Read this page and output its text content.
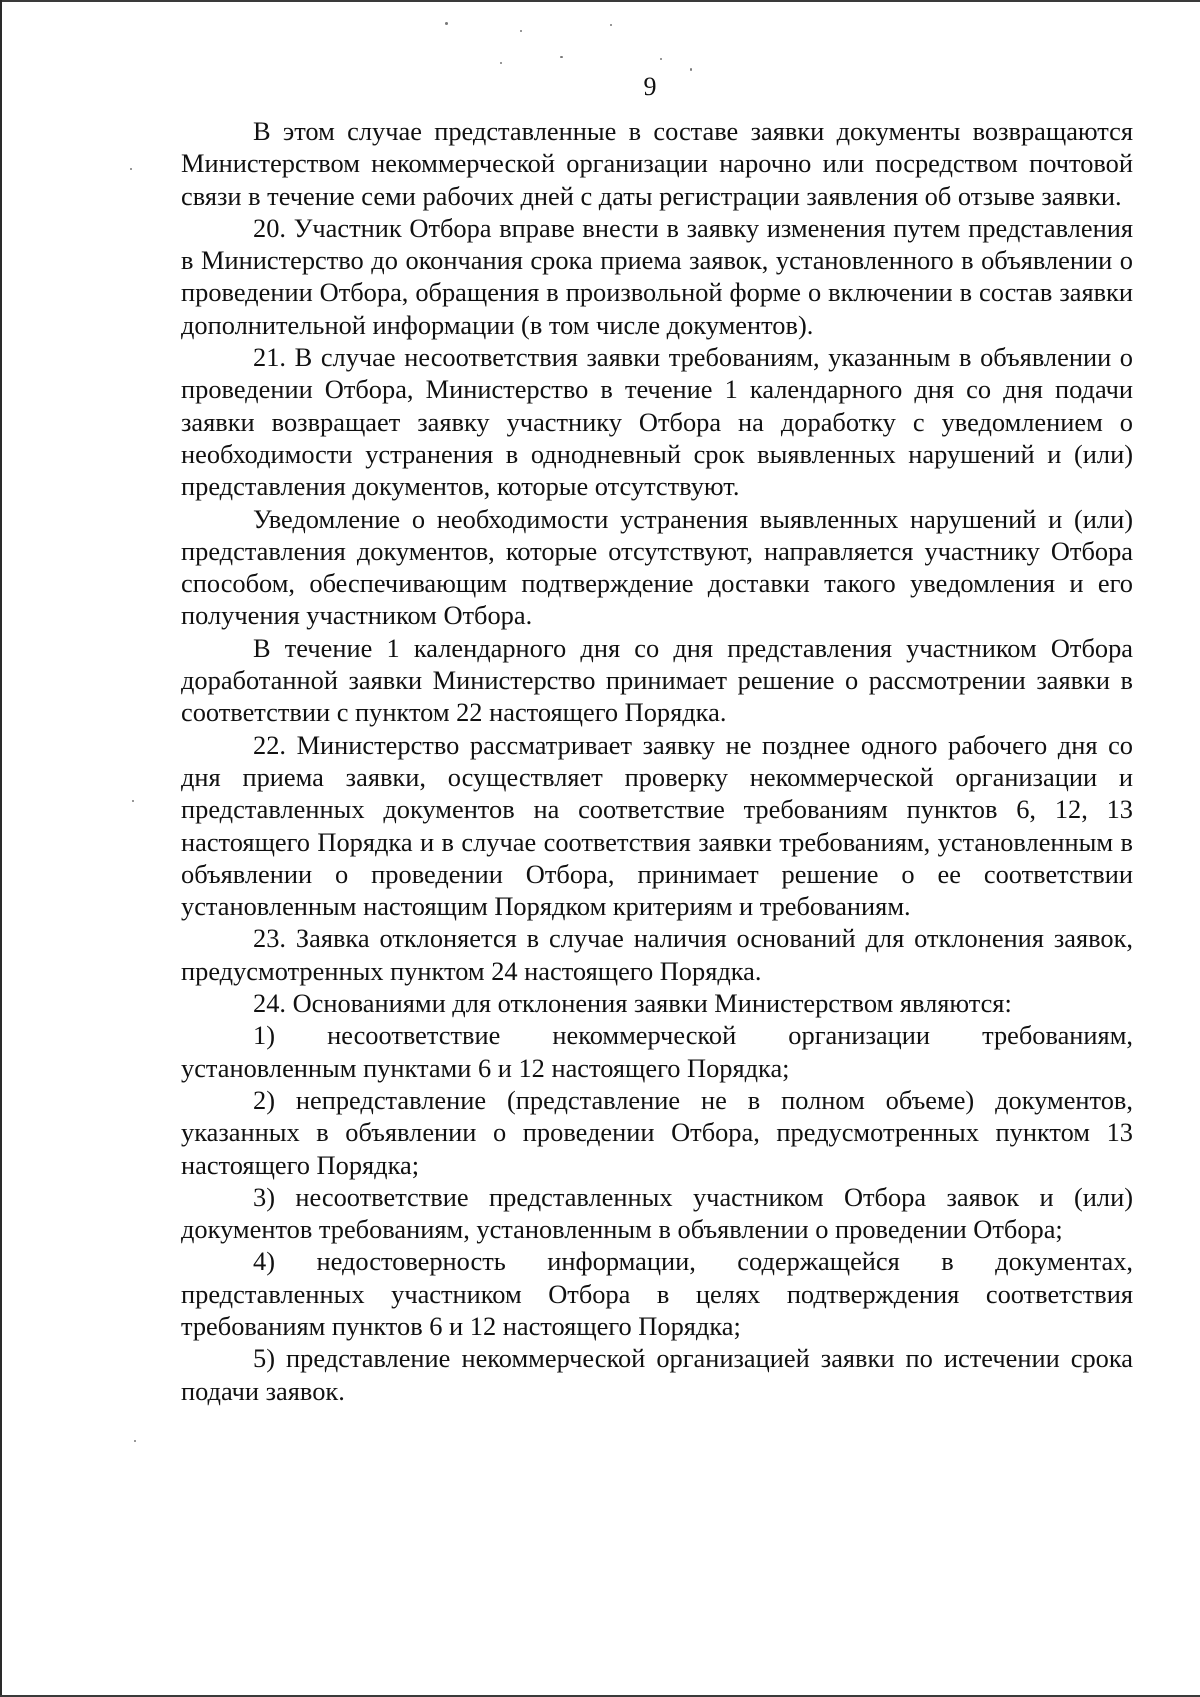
9

В этом случае представленные в составе заявки документы возвращаются Министерством некоммерческой организации нарочно или посредством почтовой связи в течение семи рабочих дней с даты регистрации заявления об отзыве заявки.

20. Участник Отбора вправе внести в заявку изменения путем представления в Министерство до окончания срока приема заявок, установленного в объявлении о проведении Отбора, обращения в произвольной форме о включении в состав заявки дополнительной информации (в том числе документов).

21. В случае несоответствия заявки требованиям, указанным в объявлении о проведении Отбора, Министерство в течение 1 календарного дня со дня подачи заявки возвращает заявку участнику Отбора на доработку с уведомлением о необходимости устранения в однодневный срок выявленных нарушений и (или) представления документов, которые отсутствуют.

Уведомление о необходимости устранения выявленных нарушений и (или) представления документов, которые отсутствуют, направляется участнику Отбора способом, обеспечивающим подтверждение доставки такого уведомления и его получения участником Отбора.

В течение 1 календарного дня со дня представления участником Отбора доработанной заявки Министерство принимает решение о рассмотрении заявки в соответствии с пунктом 22 настоящего Порядка.

22. Министерство рассматривает заявку не позднее одного рабочего дня со дня приема заявки, осуществляет проверку некоммерческой организации и представленных документов на соответствие требованиям пунктов 6, 12, 13 настоящего Порядка и в случае соответствия заявки требованиям, установленным в объявлении о проведении Отбора, принимает решение о ее соответствии установленным настоящим Порядком критериям и требованиям.

23. Заявка отклоняется в случае наличия оснований для отклонения заявок, предусмотренных пунктом 24 настоящего Порядка.

24. Основаниями для отклонения заявки Министерством являются:

1) несоответствие некоммерческой организации требованиям, установленным пунктами 6 и 12 настоящего Порядка;

2) непредставление (представление не в полном объеме) документов, указанных в объявлении о проведении Отбора, предусмотренных пунктом 13 настоящего Порядка;

3) несоответствие представленных участником Отбора заявок и (или) документов требованиям, установленным в объявлении о проведении Отбора;

4) недостоверность информации, содержащейся в документах, представленных участником Отбора в целях подтверждения соответствия требованиям пунктов 6 и 12 настоящего Порядка;

5) представление некоммерческой организацией заявки по истечении срока подачи заявок.
